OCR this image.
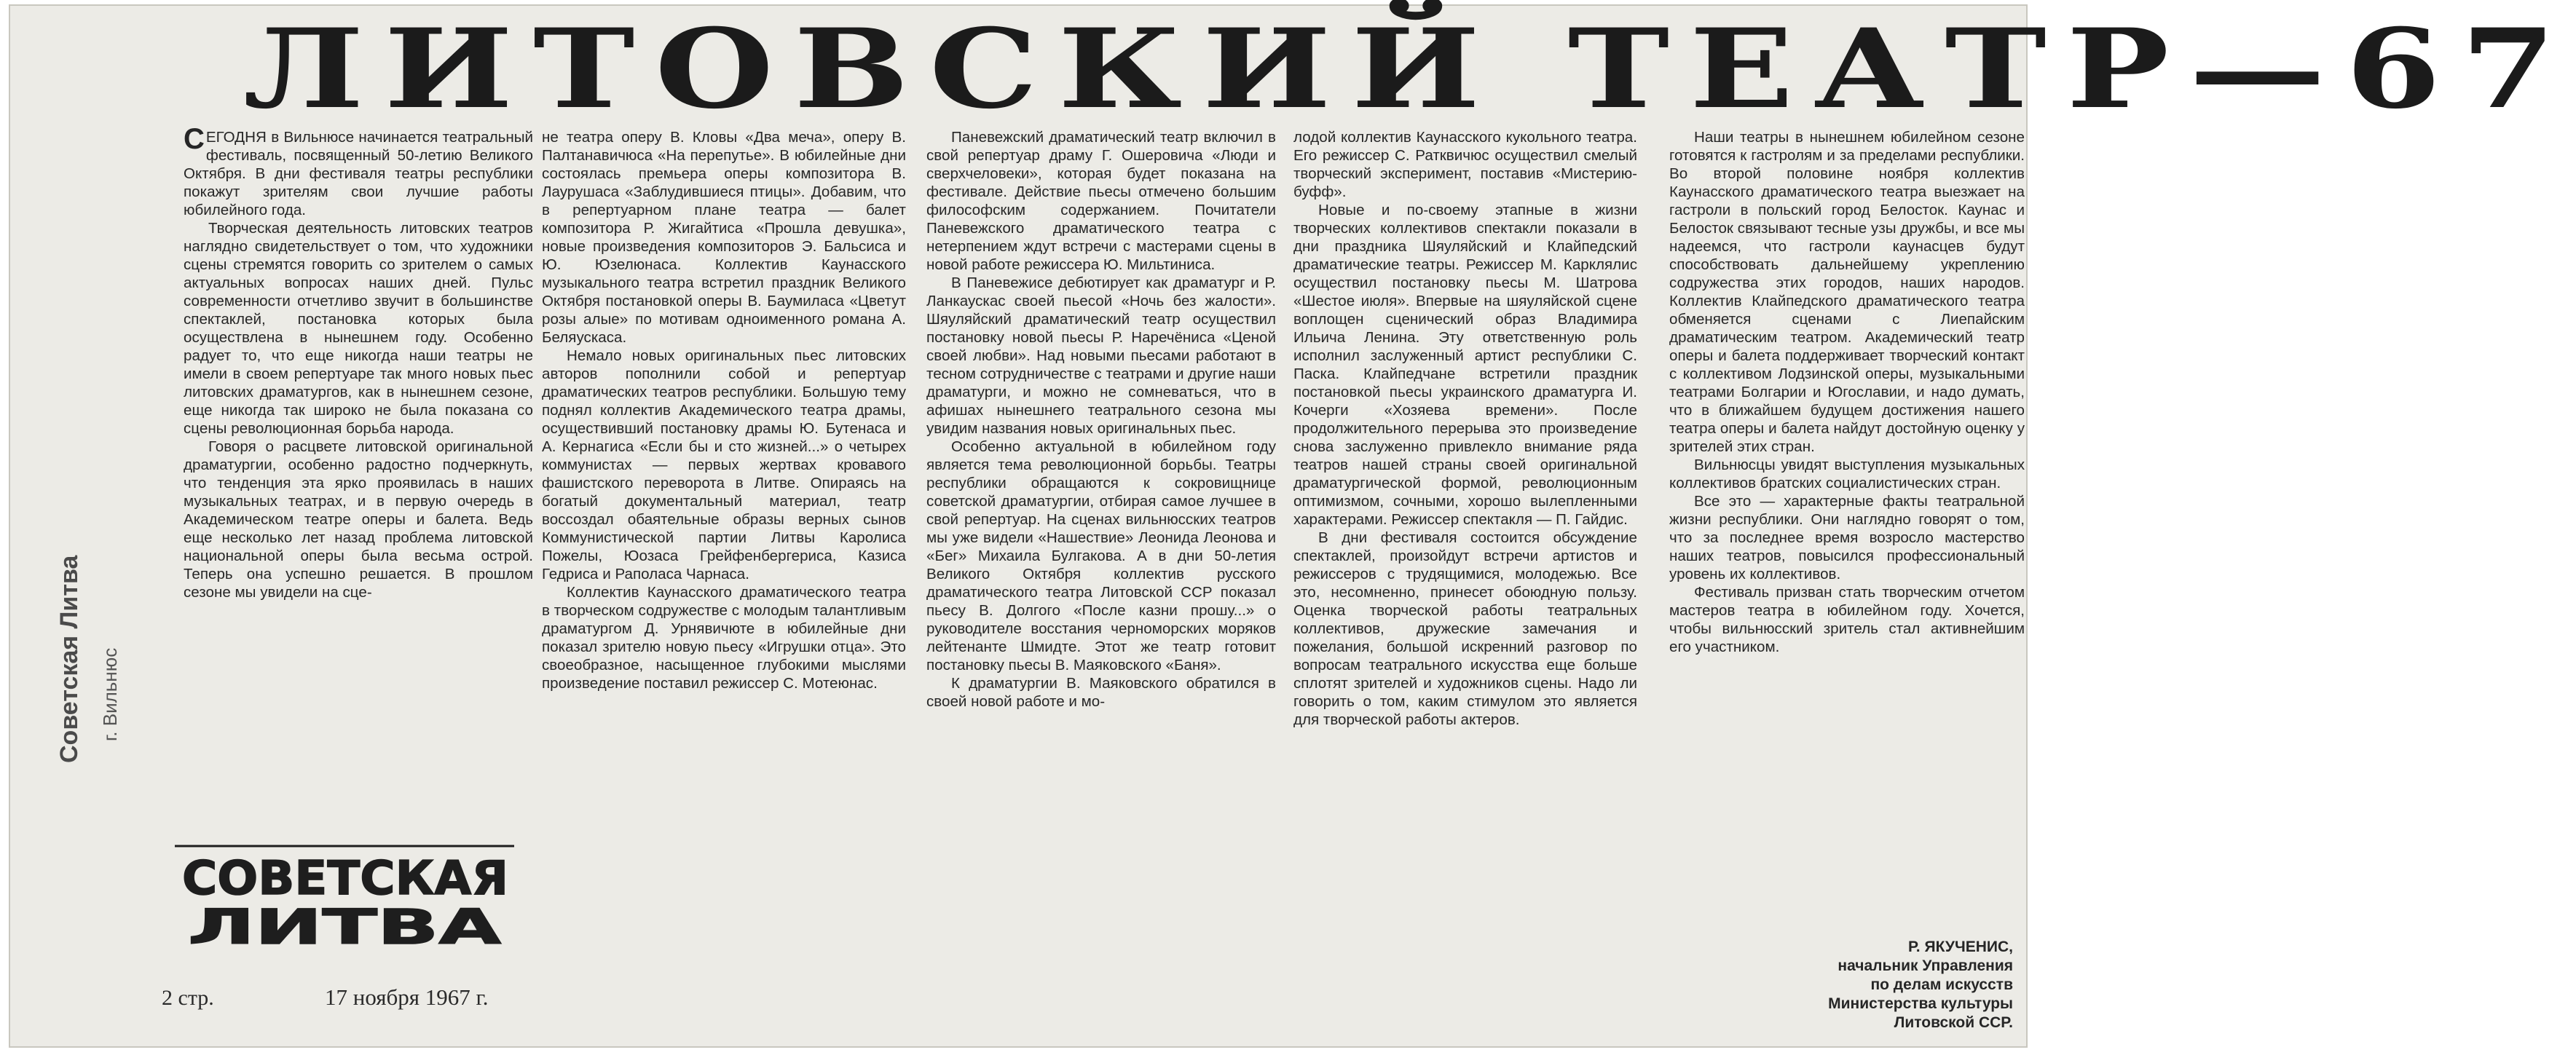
ЛИТОВСКИЙ ТЕАТР—67
Советская Литва г. Вильнюс

СЕГОДНЯ в Вильнюсе начинается театральный фестиваль, посвященный 50-летию Великого Октября. В дни фестиваля театры республики покажут зрителям свои лучшие работы юбилейного года.

Творческая деятельность литовских театров наглядно свидетельствует о том, что художники сцены стремятся говорить со зрителем о самых актуальных вопросах наших дней. Пульс современности отчетливо звучит в большинстве спектаклей, постановка которых была осуществлена в нынешнем году. Особенно радует то, что еще никогда наши театры не имели в своем репертуаре так много новых пьес литовских драматургов, как в нынешнем сезоне, еще никогда так широко не была показана со сцены революционная борьба народа.

Говоря о расцвете литовской оригинальной драматургии, особенно радостно подчеркнуть, что тенденция эта ярко проявилась в наших музыкальных театрах, и в первую очередь в Академическом театре оперы и балета. Ведь еще несколько лет назад проблема литовской национальной оперы была весьма острой. Теперь она успешно решается. В прошлом сезоне мы увидели на сце-

не театра оперу В. Кловы «Два меча», оперу В. Палтанавичюса «На перепутье». В юбилейные дни состоялась премьера оперы композитора В. Лаурушаса «Заблудившиеся птицы». Добавим, что в репертуарном плане театра — балет композитора Р. Жигайтиса «Прошла девушка», новые произведения композиторов Э. Бальсиса и Ю. Юзелюнаса. Коллектив Каунасского музыкального театра встретил праздник Великого Октября постановкой оперы В. Баумиласа «Цветут розы алые» по мотивам одноименного романа А. Беляускаса.

Немало новых оригинальных пьес литовских авторов пополнили собой и репертуар драматических театров республики. Большую тему поднял коллектив Академического театра драмы, осуществивший постановку драмы Ю. Бутенаса и А. Кернагиса «Если бы и сто жизней...» о четырех коммунистах — первых жертвах кровавого фашистского переворота в Литве. Опираясь на богатый документальный материал, театр воссоздал обаятельные образы верных сынов Коммунистической партии Литвы Каролиса Пожелы, Юозаса Грейфенбергериса, Казиса Гедриса и Раполаса Чарнаса.

Коллектив Каунасского драматического театра в творческом содружестве с молодым талантливым драматургом Д. Урнявичюте в юбилейные дни показал зрителю новую пьесу «Игрушки отца». Это своеобразное, насыщенное глубокими мыслями произведение поставил режиссер С. Мотеюнас.

Паневежский драматический театр включил в свой репертуар драму Г. Ошеровича «Люди и сверхчеловеки», которая будет показана на фестивале. Действие пьесы отмечено большим философским содержанием. Почитатели Паневежского драматического театра с нетерпением ждут встречи с мастерами сцены в новой работе режиссера Ю. Мильтиниса.

В Паневежисе дебютирует как драматург и Р. Ланкаускас своей пьесой «Ночь без жалости». Шяуляйский драматический театр осуществил постановку новой пьесы Р. Наречёниса «Ценой своей любви». Над новыми пьесами работают в тесном сотрудничестве с театрами и другие наши драматурги, и можно не сомневаться, что в афишах нынешнего театрального сезона мы увидим названия новых оригинальных пьес.

Особенно актуальной в юбилейном году является тема революционной борьбы. Театры республики обращаются к сокровищнице советской драматургии, отбирая самое лучшее в свой репертуар. На сценах вильнюсских театров мы уже видели «Нашествие» Леонида Леонова и «Бег» Михаила Булгакова. А в дни 50-летия Великого Октября коллектив русского драматического театра Литовской ССР показал пьесу В. Долгого «После казни прошу...» о руководителе восстания черноморских моряков лейтенанте Шмидте. Этот же театр готовит постановку пьесы В. Маяковского «Баня».

К драматургии В. Маяковского обратился в своей новой работе и мо-

лодой коллектив Каунасского кукольного театра. Его режиссер С. Ратквичюс осуществил смелый творческий эксперимент, поставив «Мистерию-буфф».

Новые и по-своему этапные в жизни творческих коллективов спектакли показали в дни праздника Шяуляйский и Клайпедский драматические театры. Режиссер М. Карклялис осуществил постановку пьесы М. Шатрова «Шестое июля». Впервые на шяуляйской сцене воплощен сценический образ Владимира Ильича Ленина. Эту ответственную роль исполнил заслуженный артист республики С. Паска. Клайпедчане встретили праздник постановкой пьесы украинского драматурга И. Кочерги «Хозяева времени». После продолжительного перерыва это произведение снова заслуженно привлекло внимание ряда театров нашей страны своей оригинальной драматургической формой, революционным оптимизмом, сочными, хорошо вылепленными характерами. Режиссер спектакля — П. Гайдис.

В дни фестиваля состоится обсуждение спектаклей, произойдут встречи артистов и режиссеров с трудящимися, молодежью. Все это, несомненно, принесет обоюдную пользу. Оценка творческой работы театральных коллективов, дружеские замечания и пожелания, большой искренний разговор по вопросам театрального искусства еще больше сплотят зрителей и художников сцены. Надо ли говорить о том, каким стимулом это является для творческой работы актеров.

Наши театры в нынешнем юбилейном сезоне готовятся к гастролям и за пределами республики. Во второй половине ноября коллектив Каунасского драматического театра выезжает на гастроли в польский город Белосток. Каунас и Белосток связывают тесные узы дружбы, и все мы надеемся, что гастроли каунасцев будут способствовать дальнейшему укреплению содружества этих городов, наших народов. Коллектив Клайпедского драматического театра обменяется сценами с Лиепайским драматическим театром. Академический театр оперы и балета поддерживает творческий контакт с коллективом Лодзинской оперы, музыкальными театрами Болгарии и Югославии, и надо думать, что в ближайшем будущем достижения нашего театра оперы и балета найдут достойную оценку у зрителей этих стран.

Вильнюсцы увидят выступления музыкальных коллективов братских социалистических стран.

Все это — характерные факты театральной жизни республики. Они наглядно говорят о том, что за последнее время возросло мастерство наших театров, повысился профессиональный уровень их коллективов.

Фестиваль призван стать творческим отчетом мастеров театра в юбилейном году. Хочется, чтобы вильнюсский зритель стал активнейшим его участником.

СОВЕТСКАЯ
ЛИТВА
2 стр.	17 ноября 1967 г.
Р. ЯКУЧЕНИС,
начальник Управления
по делам искусств
Министерства культуры
Литовской ССР.
